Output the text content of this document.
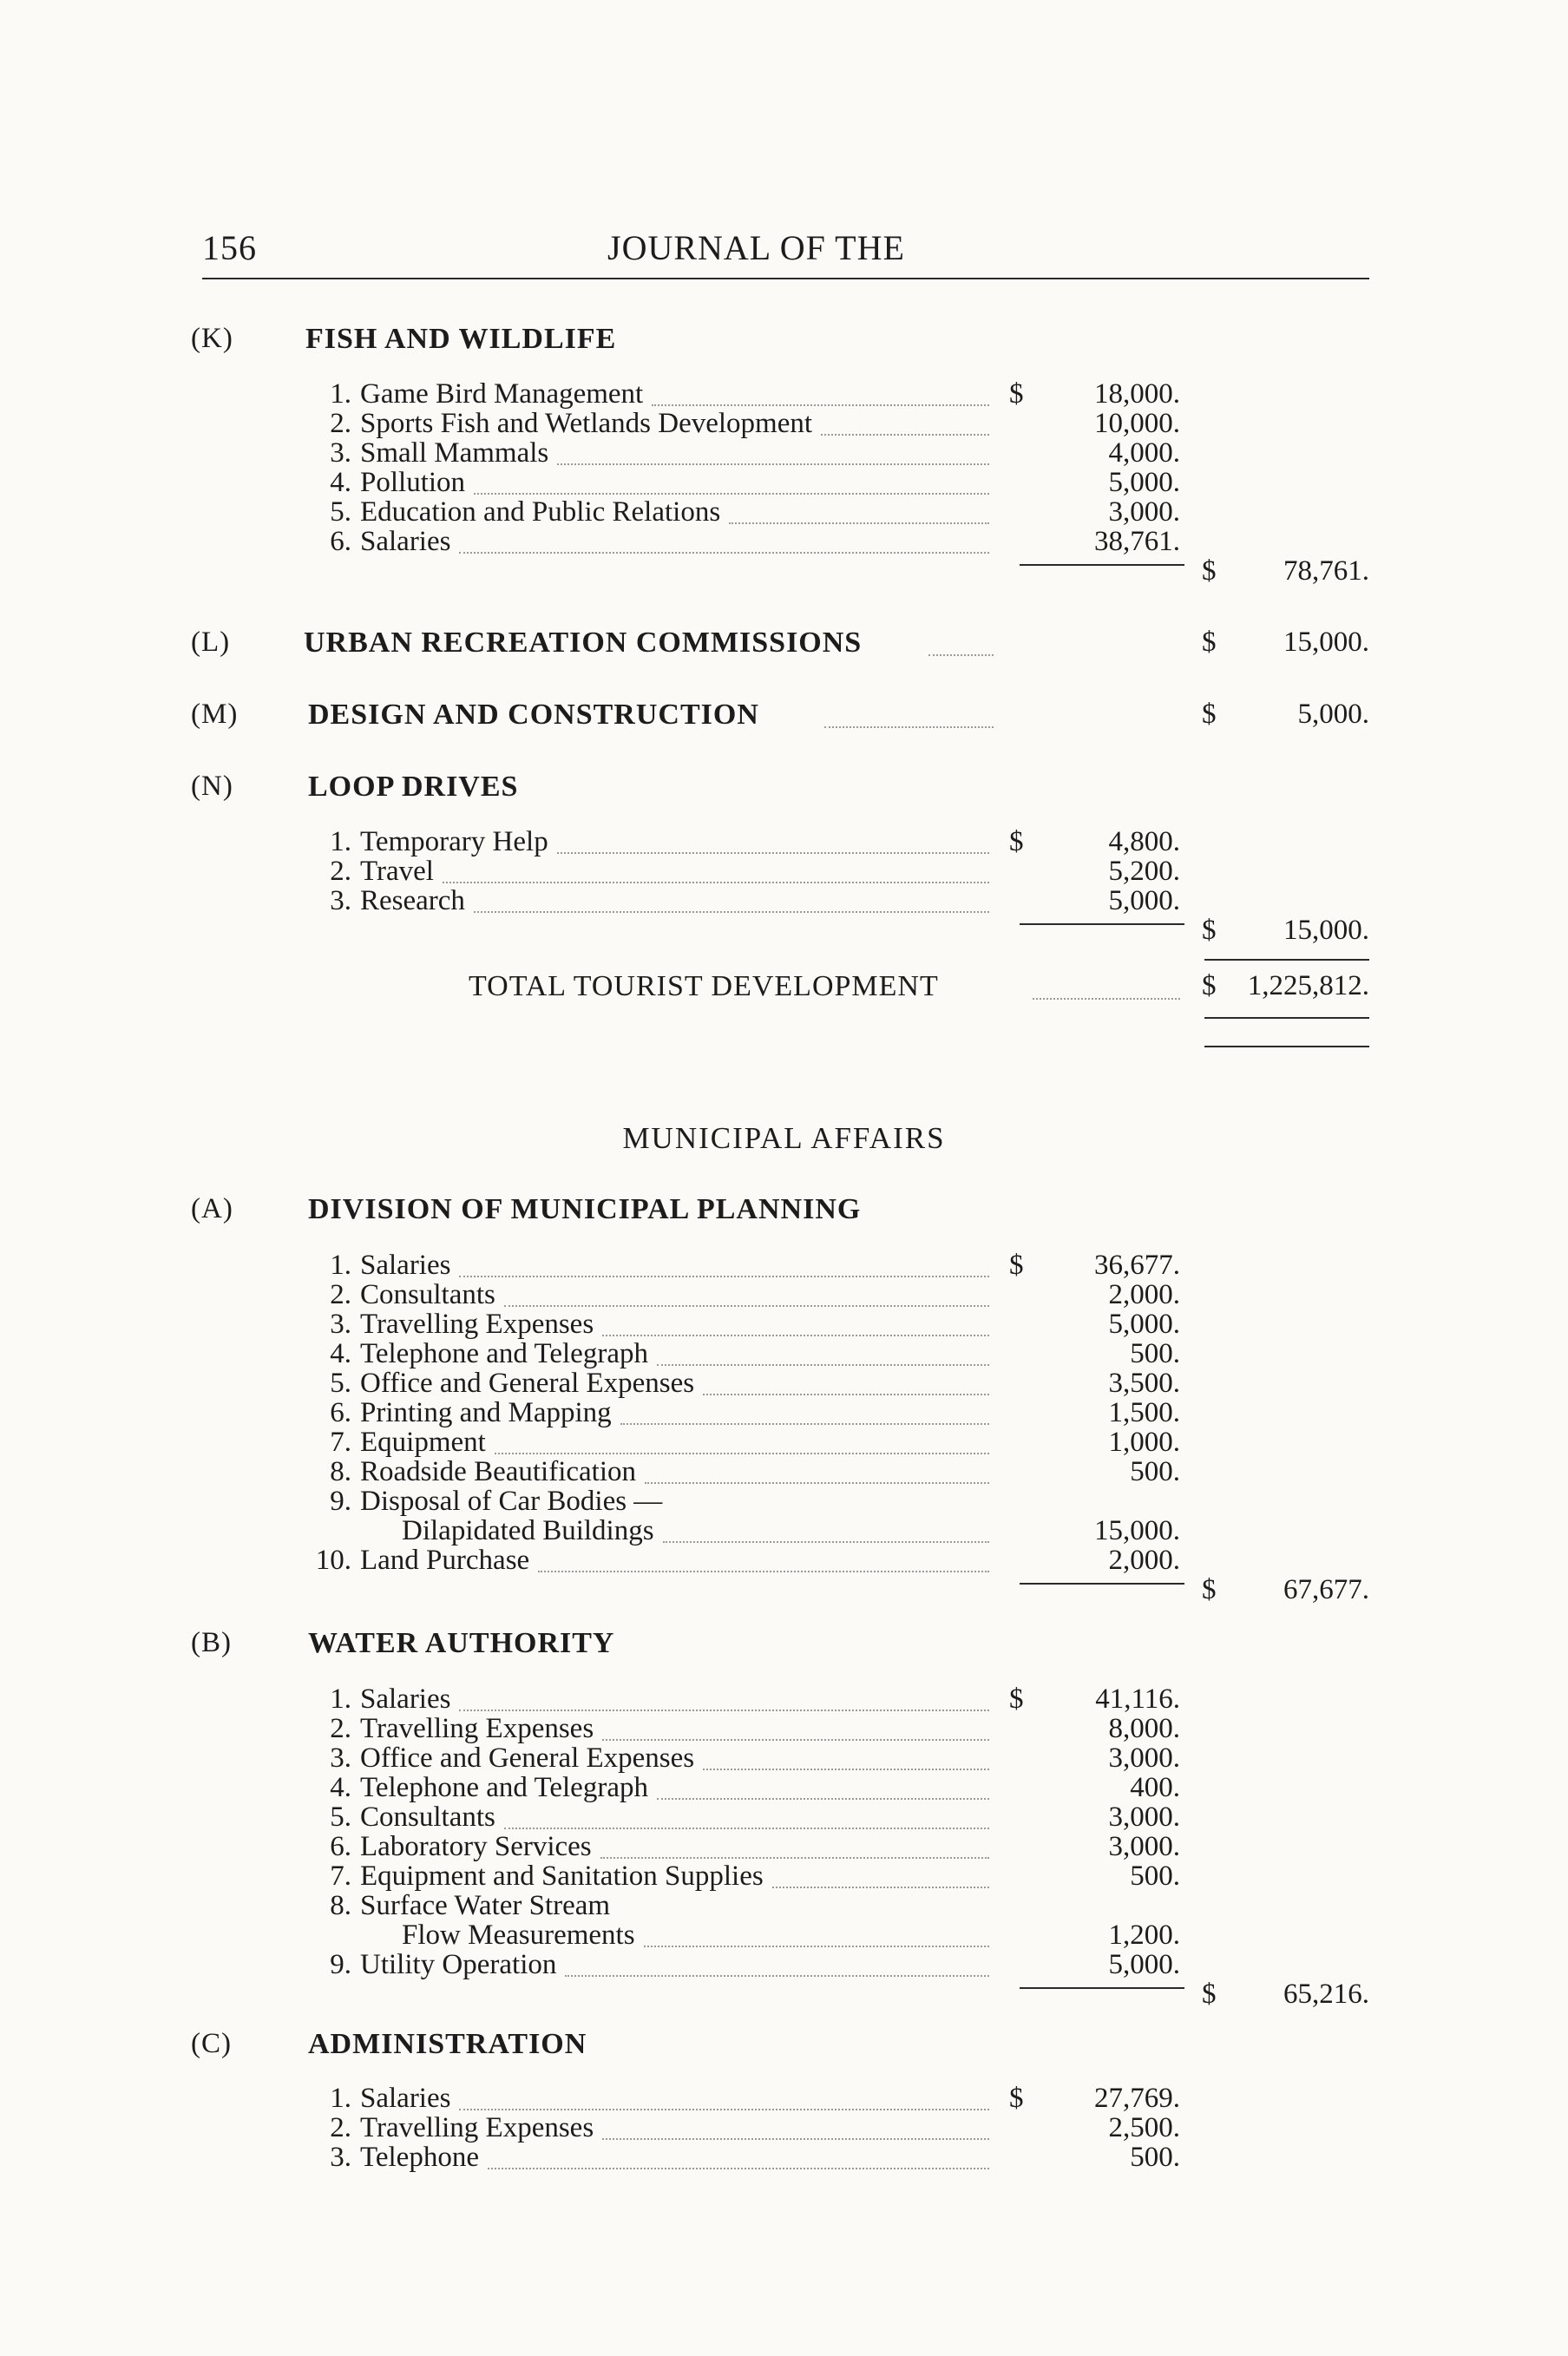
156	JOURNAL OF THE
(K) FISH AND WILDLIFE
1. Game Bird Management	$	18,000.
2. Sports Fish and Wetlands Development	10,000.
3. Small Mammals	4,000.
4. Pollution	5,000.
5. Education and Public Relations	3,000.
6. Salaries	38,761.
$	78,761.
(L) URBAN RECREATION COMMISSIONS	$	15,000.
(M) DESIGN AND CONSTRUCTION	$	5,000.
(N)	LOOP DRIVES
1. Temporary Help	$	4,800.
2. Travel	5,200.
3. Research	5,000.
$	15,000.
TOTAL TOURIST DEVELOPMENT	$	1,225,812.
MUNICIPAL AFFAIRS
(A)	DIVISION OF MUNICIPAL PLANNING
1. Salaries	$	36,677.
2. Consultants	2,000.
3. Travelling Expenses	5,000.
4. Telephone and Telegraph	500.
5. Office and General Expenses	3,500.
6. Printing and Mapping	1,500.
7. Equipment	1,000.
8. Roadside Beautification	500.
9. Disposal of Car Bodies —
Dilapidated Buildings	15,000.
10. Land Purchase	2,000.
$	67,677.
(B)	WATER AUTHORITY
1. Salaries	$	41,116.
2. Travelling Expenses	8,000.
3. Office and General Expenses	3,000.
4. Telephone and Telegraph	400.
5. Consultants	3,000.
6. Laboratory Services	3,000.
7. Equipment and Sanitation Supplies	500.
8. Surface Water Stream
Flow Measurements	1,200.
9. Utility Operation	5,000.
$	65,216.
(C)	ADMINISTRATION
1. Salaries	$	27,769.
2. Travelling Expenses	2,500.
3. Telephone	500.
